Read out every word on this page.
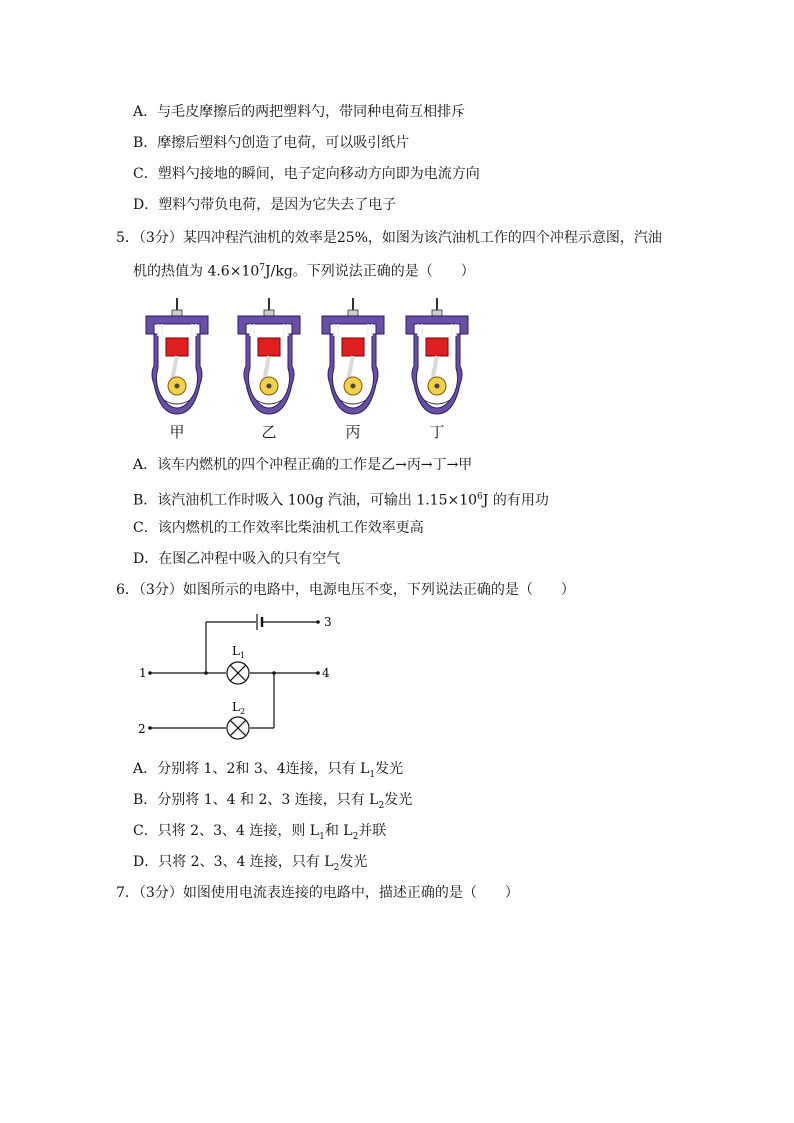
A．与毛皮摩擦后的两把塑料勺，带同种电荷互相排斥
B．摩擦后塑料勺创造了电荷，可以吸引纸片
C．塑料勺接地的瞬间，电子定向移动方向即为电流方向
D．塑料勺带负电荷，是因为它失去了电子
5．（3分）某四冲程汽油机的效率是25%，如图为该汽油机工作的四个冲程示意图，汽油
机的热值为 $4.6\times 10^7J/kg$。下列说法正确的是（　　）
甲	乙	丙	丁
A．该车内燃机的四个冲程正确的工作是乙→丙→丁→甲
B．该汽油机工作时吸入 100g 汽油，可输出 $1.15\times 10^6J$ 的有用功
C．该内燃机的工作效率比柴油机工作效率更高
D．在图乙冲程中吸入的只有空气
6．（3分）如图所示的电路中，电源电压不变，下列说法正确的是（　　）
1
2
3
4
$L_1$
$L_2$
A．分别将 1、2和 3、4连接，只有 $L_1$发光
B．分别将 1、4 和 2、3 连接，只有 $L_2$发光
C．只将 2、3、4 连接，则 $L_1$和 $L_2$并联
D．只将 2、3、4 连接，只有 $L_2$发光
7．（3分）如图使用电流表连接的电路中，描述正确的是（　　）
